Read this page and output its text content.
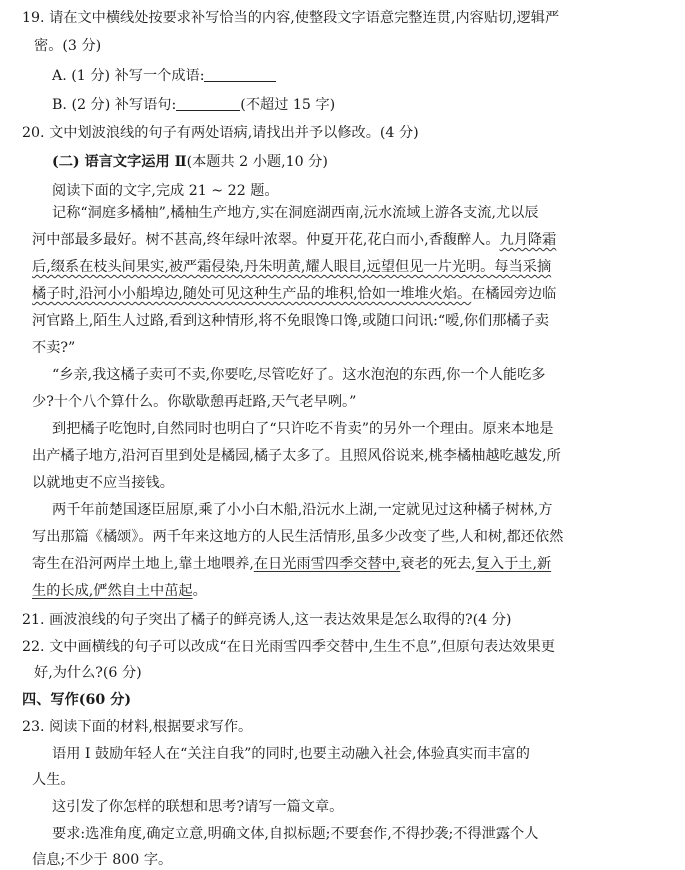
19. 请在文中横线处按要求补写恰当的内容,使整段文字语意完整连贯,内容贴切,逻辑严
密。(3 分)
A. (1 分) 补写一个成语:
B. (2 分) 补写语句:	(不超过 15 字)
20. 文中划波浪线的句子有两处语病,请找出并予以修改。(4 分)
(二) 语言文字运用 Ⅱ(本题共 2 小题,10 分)
阅读下面的文字,完成 21 ~ 22 题。
记称“洞庭多橘柚”,橘柚生产地方,实在洞庭湖西南,沅水流域上游各支流,尤以辰
河中部最多最好。树不甚高,终年绿叶浓翠。仲夏开花,花白而小,香馥醉人。九月降霜
后,缀系在枝头间果实,被严霜侵染,丹朱明黄,耀人眼目,远望但见一片光明。每当采摘
橘子时,沿河小小船埠边,随处可见这种生产品的堆积,恰如一堆堆火焰。在橘园旁边临
河官路上,陌生人过路,看到这种情形,将不免眼馋口馋,或随口问讯:“嗳,你们那橘子卖
不卖?”
“乡亲,我这橘子卖可不卖,你要吃,尽管吃好了。这水泡泡的东西,你一个人能吃多
少?十个八个算什么。你歇歇憩再赶路,天气老早咧。”
到把橘子吃饱时,自然同时也明白了“只许吃不肯卖”的另外一个理由。原来本地是
出产橘子地方,沿河百里到处是橘园,橘子太多了。且照风俗说来,桃李橘柚越吃越发,所
以就地吏不应当接钱。
两千年前楚国逐臣屈原,乘了小小白木船,沿沅水上湖,一定就见过这种橘子树林,方
写出那篇《橘颂》。两千年来这地方的人民生活情形,虽多少改变了些,人和树,都还依然
寄生在沿河两岸土地上,靠土地喂养,在日光雨雪四季交替中,衰老的死去,复入于土,新
生的长成,俨然自土中茁起。
21. 画波浪线的句子突出了橘子的鲜亮诱人,这一表达效果是怎么取得的?(4 分)
22. 文中画横线的句子可以改成“在日光雨雪四季交替中,生生不息”,但原句表达效果更
好,为什么?(6 分)
四、写作(60 分)
23. 阅读下面的材料,根据要求写作。
语用 Ⅰ 鼓励年轻人在“关注自我”的同时,也要主动融入社会,体验真实而丰富的
人生。
这引发了你怎样的联想和思考?请写一篇文章。
要求:选准角度,确定立意,明确文体,自拟标题;不要套作,不得抄袭;不得泄露个人
信息;不少于 800 字。
